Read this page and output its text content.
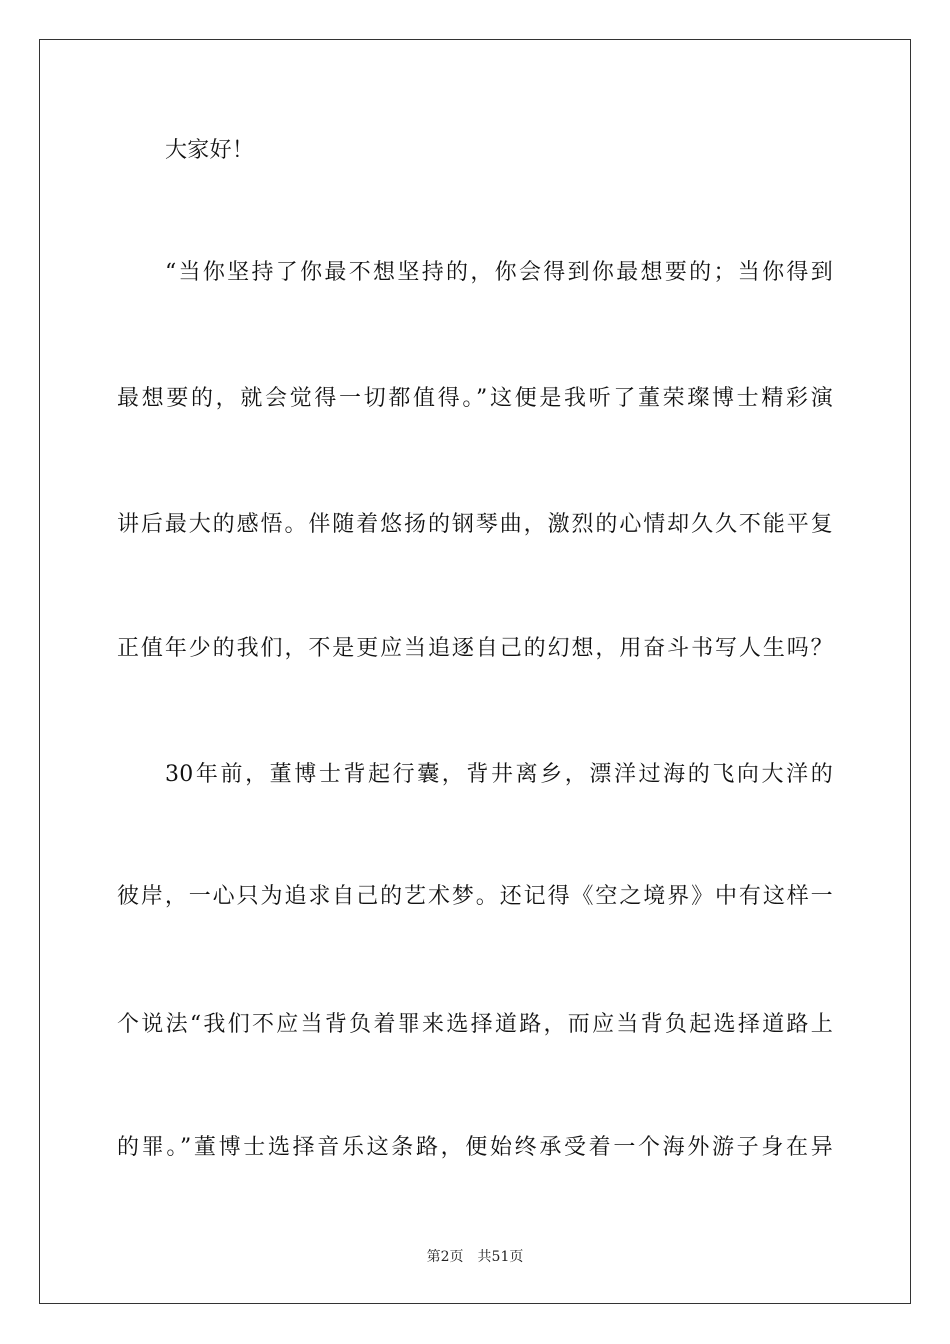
大家好！
“当你坚持了你最不想坚持的，你会得到你最想要的；当你得到
最想要的，就会觉得一切都值得。”这便是我听了董荣璨博士精彩演
讲后最大的感悟。伴随着悠扬的钢琴曲，激烈的心情却久久不能平复
正值年少的我们，不是更应当追逐自己的幻想，用奋斗书写人生吗？
30年前，董博士背起行囊，背井离乡，漂洋过海的飞向大洋的
彼岸，一心只为追求自己的艺术梦。还记得《空之境界》中有这样一
个说法“我们不应当背负着罪来选择道路，而应当背负起选择道路上
的罪。”董博士选择音乐这条路，便始终承受着一个海外游子身在异
第2页 共51页
